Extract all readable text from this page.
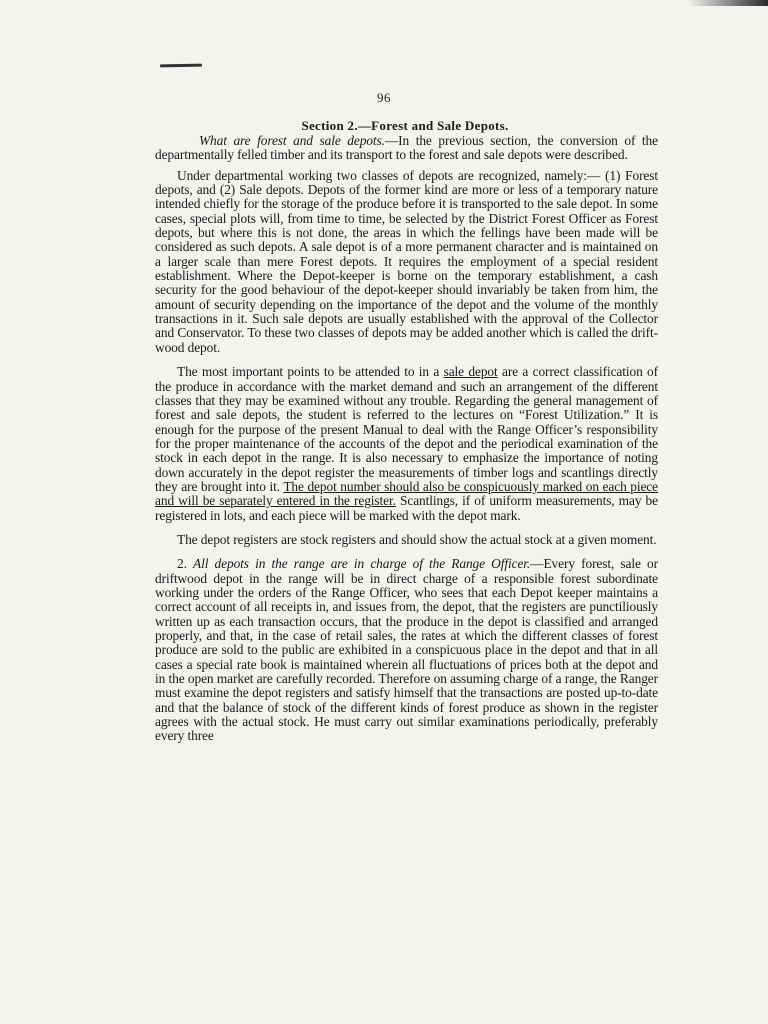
96
Section 2.—Forest and Sale Depots.

What are forest and sale depots.—In the previous section, the conversion of the departmentally felled timber and its transport to the forest and sale depots were described.

Under departmental working two classes of depots are recognized, namely:— (1) Forest depots, and (2) Sale depots. Depots of the former kind are more or less of a temporary nature intended chiefly for the storage of the produce before it is transported to the sale depot. In some cases, special plots will, from time to time, be selected by the District Forest Officer as Forest depots, but where this is not done, the areas in which the fellings have been made will be considered as such depots. A sale depot is of a more permanent character and is maintained on a larger scale than mere Forest depots. It requires the employment of a special resident establishment. Where the Depot-keeper is borne on the temporary establishment, a cash security for the good behaviour of the depot-keeper should invariably be taken from him, the amount of security depending on the importance of the depot and the volume of the monthly transactions in it. Such sale depots are usually established with the approval of the Collector and Conservator. To these two classes of depots may be added another which is called the drift-wood depot.

The most important points to be attended to in a sale depot are a correct classification of the produce in accordance with the market demand and such an arrangement of the different classes that they may be examined without any trouble. Regarding the general management of forest and sale depots, the student is referred to the lectures on “Forest Utilization.” It is enough for the purpose of the present Manual to deal with the Range Officer’s responsibility for the proper maintenance of the accounts of the depot and the periodical examination of the stock in each depot in the range. It is also necessary to emphasize the importance of noting down accurately in the depot register the measurements of timber logs and scantlings directly they are brought into it. The depot number should also be conspicuously marked on each piece and will be separately entered in the register. Scantlings, if of uniform measurements, may be registered in lots, and each piece will be marked with the depot mark.

The depot registers are stock registers and should show the actual stock at a given moment.

2. All depots in the range are in charge of the Range Officer.—Every forest, sale or driftwood depot in the range will be in direct charge of a responsible forest subordinate working under the orders of the Range Officer, who sees that each Depot keeper maintains a correct account of all receipts in, and issues from, the depot, that the registers are punctiliously written up as each transaction occurs, that the produce in the depot is classified and arranged properly, and that, in the case of retail sales, the rates at which the different classes of forest produce are sold to the public are exhibited in a conspicuous place in the depot and that in all cases a special rate book is maintained wherein all fluctuations of prices both at the depot and in the open market are carefully recorded. Therefore on assuming charge of a range, the Ranger must examine the depot registers and satisfy himself that the transactions are posted up-to-date and that the balance of stock of the different kinds of forest produce as shown in the register agrees with the actual stock. He must carry out similar examinations periodically, preferably every three
